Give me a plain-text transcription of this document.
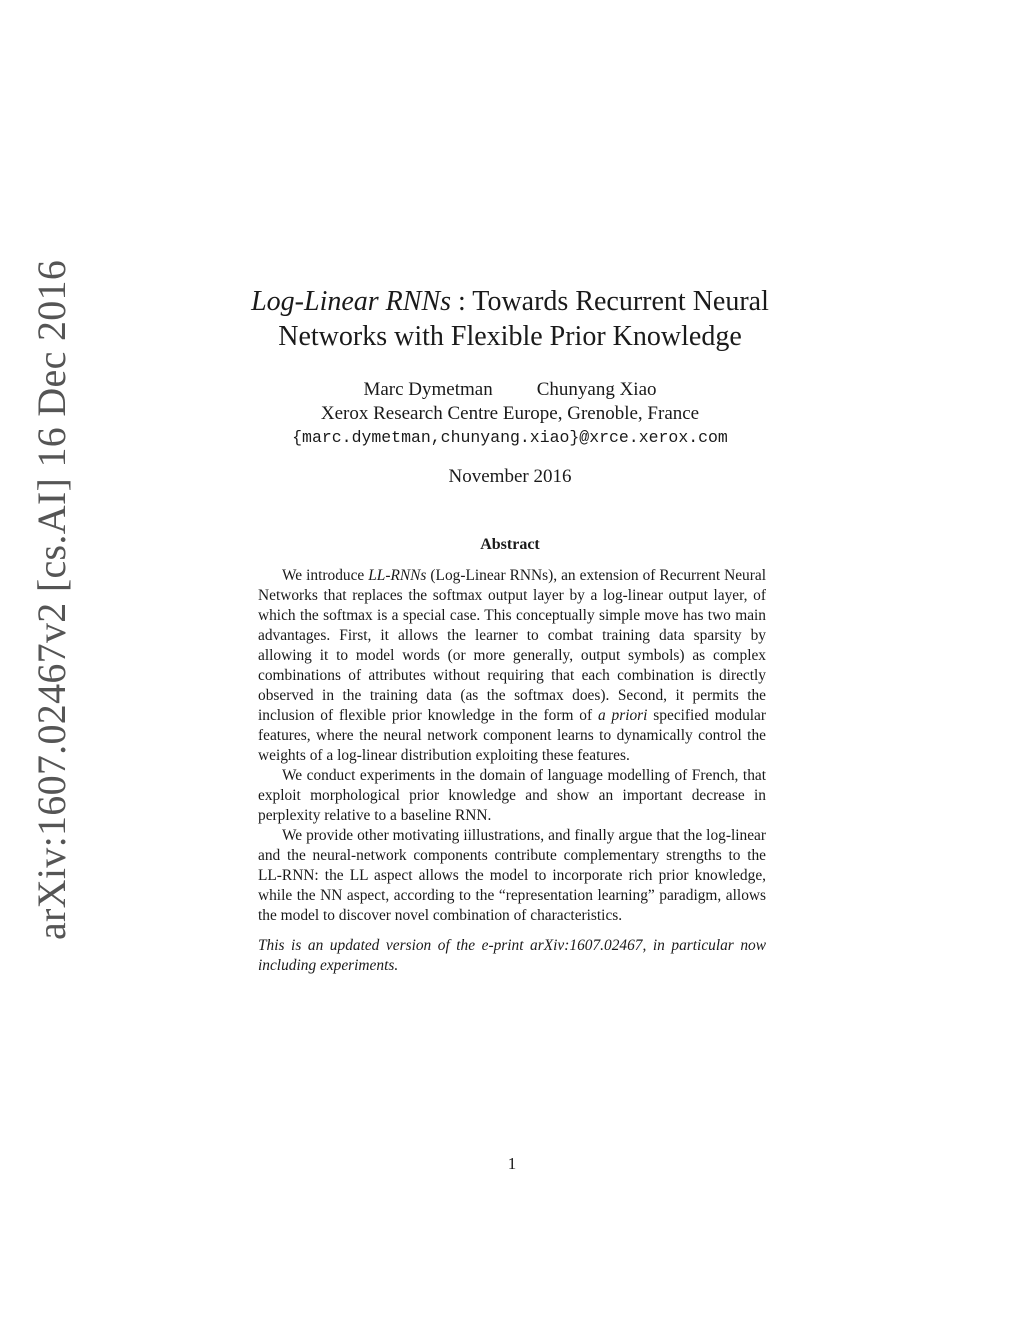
arXiv:1607.02467v2 [cs.AI] 16 Dec 2016	Log-Linear RNNs : Towards Recurrent Neural
Networks with Flexible Prior Knowledge
Marc Dymetman Chunyang Xiao
Xerox Research Centre Europe, Grenoble, France
{marc.dymetman,chunyang.xiao}@xrce.xerox.com
November 2016
Abstract

We introduce LL-RNNs (Log-Linear RNNs), an extension of Recurrent Neural Networks that replaces the softmax output layer by a log-linear output layer, of which the softmax is a special case. This conceptually simple move has two main advantages. First, it allows the learner to combat training data sparsity by allowing it to model words (or more generally, output symbols) as complex combinations of attributes without requiring that each combination is directly observed in the training data (as the softmax does). Second, it permits the inclusion of flexible prior knowledge in the form of a priori specified modular features, where the neural network component learns to dynamically control the weights of a log-linear distribution exploiting these features.

We conduct experiments in the domain of language modelling of French, that exploit morphological prior knowledge and show an important decrease in perplexity relative to a baseline RNN.

We provide other motivating iillustrations, and finally argue that the log-linear and the neural-network components contribute complementary strengths to the LL-RNN: the LL aspect allows the model to incorporate rich prior knowledge, while the NN aspect, according to the “representation learning” paradigm, allows the model to discover novel combination of characteristics.

This is an updated version of the e-print arXiv:1607.02467, in particular now including experiments.

1
